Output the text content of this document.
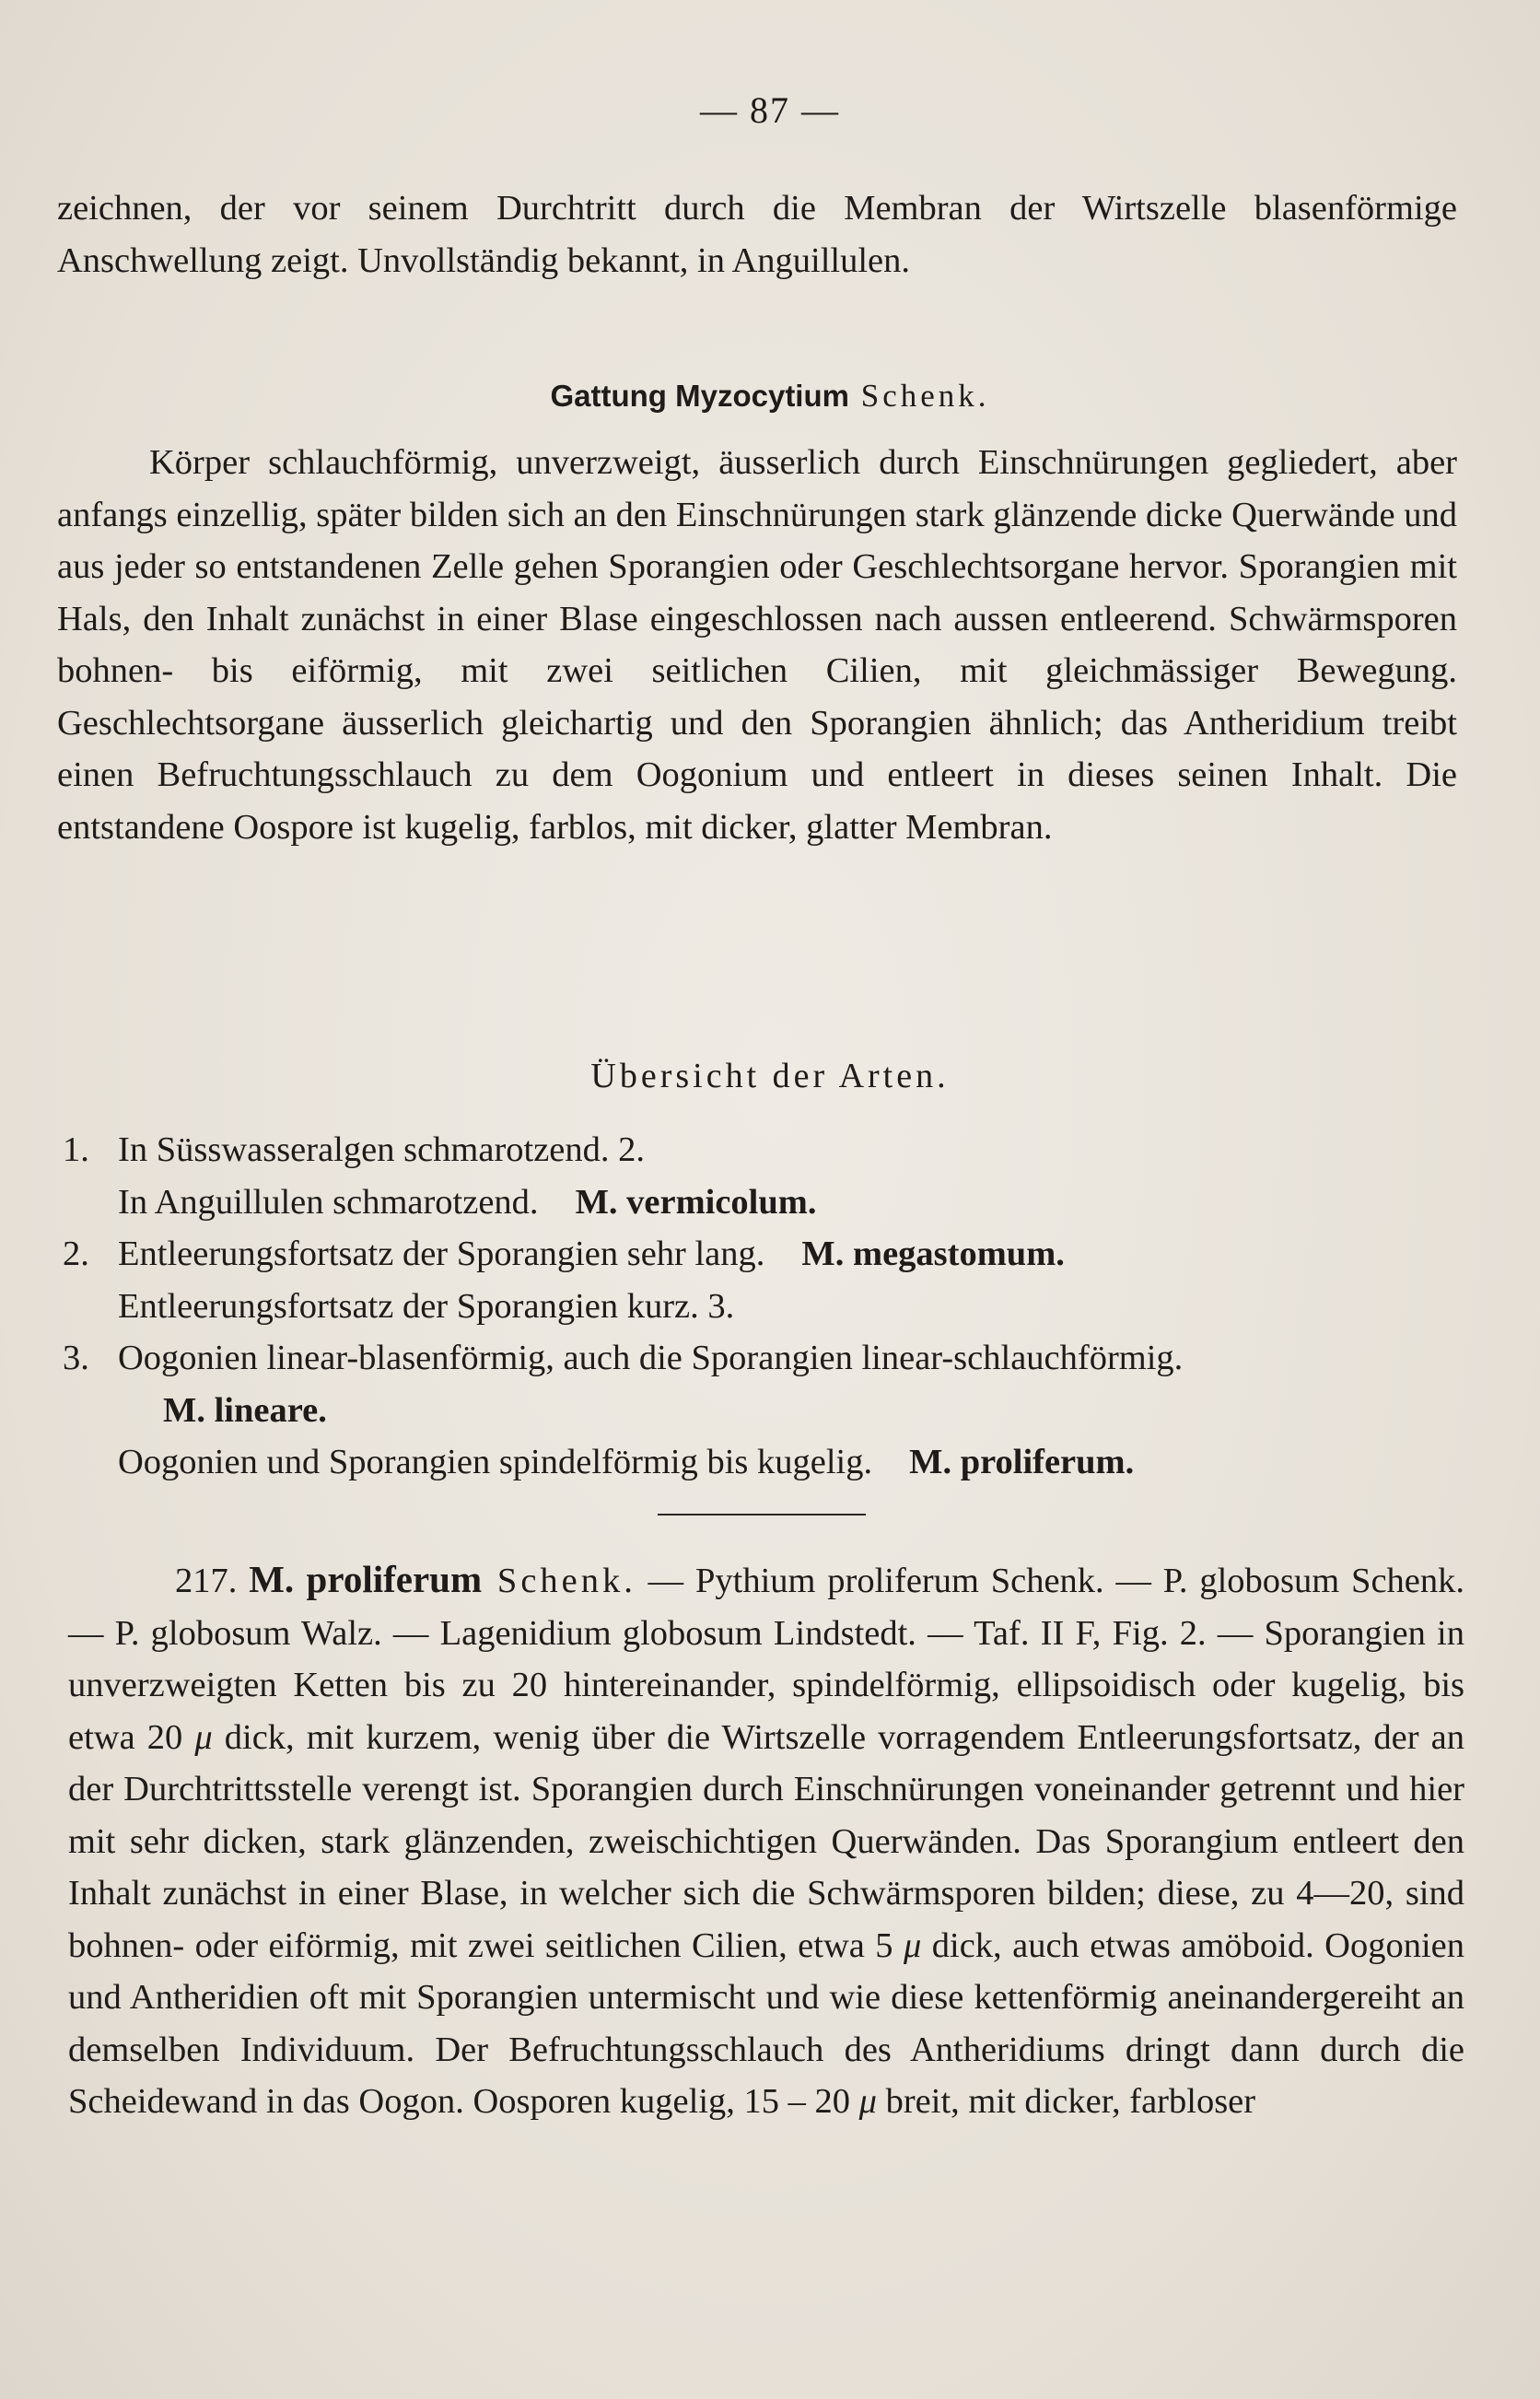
— 87 —
zeichnen, der vor seinem Durchtritt durch die Membran der Wirtszelle blasenförmige Anschwellung zeigt. Unvollständig bekannt, in Anguillulen.
Gattung Myzocytium Schenk.
Körper schlauchförmig, unverzweigt, äusserlich durch Einschnürungen gegliedert, aber anfangs einzellig, später bilden sich an den Einschnürungen stark glänzende dicke Querwände und aus jeder so entstandenen Zelle gehen Sporangien oder Geschlechtsorgane hervor. Sporangien mit Hals, den Inhalt zunächst in einer Blase eingeschlossen nach aussen entleerend. Schwärmsporen bohnen- bis eiförmig, mit zwei seitlichen Cilien, mit gleichmässiger Bewegung. Geschlechtsorgane äusserlich gleichartig und den Sporangien ähnlich; das Antheridium treibt einen Befruchtungsschlauch zu dem Oogonium und entleert in dieses seinen Inhalt. Die entstandene Oospore ist kugelig, farblos, mit dicker, glatter Membran.
Übersicht der Arten.
1. In Süsswasseralgen schmarotzend. 2.
In Anguillulen schmarotzend. M. vermicolum.
2. Entleerungsfortsatz der Sporangien sehr lang. M. megastomum.
Entleerungsfortsatz der Sporangien kurz. 3.
3. Oogonien linear-blasenförmig, auch die Sporangien linear-schlauchförmig.
M. lineare.
Oogonien und Sporangien spindelförmig bis kugelig. M. proliferum.
217. M. proliferum Schenk. — Pythium proliferum Schenk. — P. globosum Schenk. — P. globosum Walz. — Lagenidium globosum Lindstedt. — Taf. II F, Fig. 2. — Sporangien in unverzweigten Ketten bis zu 20 hintereinander, spindelförmig, ellipsoidisch oder kugelig, bis etwa 20 μ dick, mit kurzem, wenig über die Wirtszelle vorragendem Entleerungsfortsatz, der an der Durchtrittsstelle verengt ist. Sporangien durch Einschnürungen voneinander getrennt und hier mit sehr dicken, stark glänzenden, zweischichtigen Querwänden. Das Sporangium entleert den Inhalt zunächst in einer Blase, in welcher sich die Schwärmsporen bilden; diese, zu 4—20, sind bohnen- oder eiförmig, mit zwei seitlichen Cilien, etwa 5 μ dick, auch etwas amöboid. Oogonien und Antheridien oft mit Sporangien untermischt und wie diese kettenförmig aneinandergereiht an demselben Individuum. Der Befruchtungsschlauch des Antheridiums dringt dann durch die Scheidewand in das Oogon. Oosporen kugelig, 15 – 20 μ breit, mit dicker, farbloser
